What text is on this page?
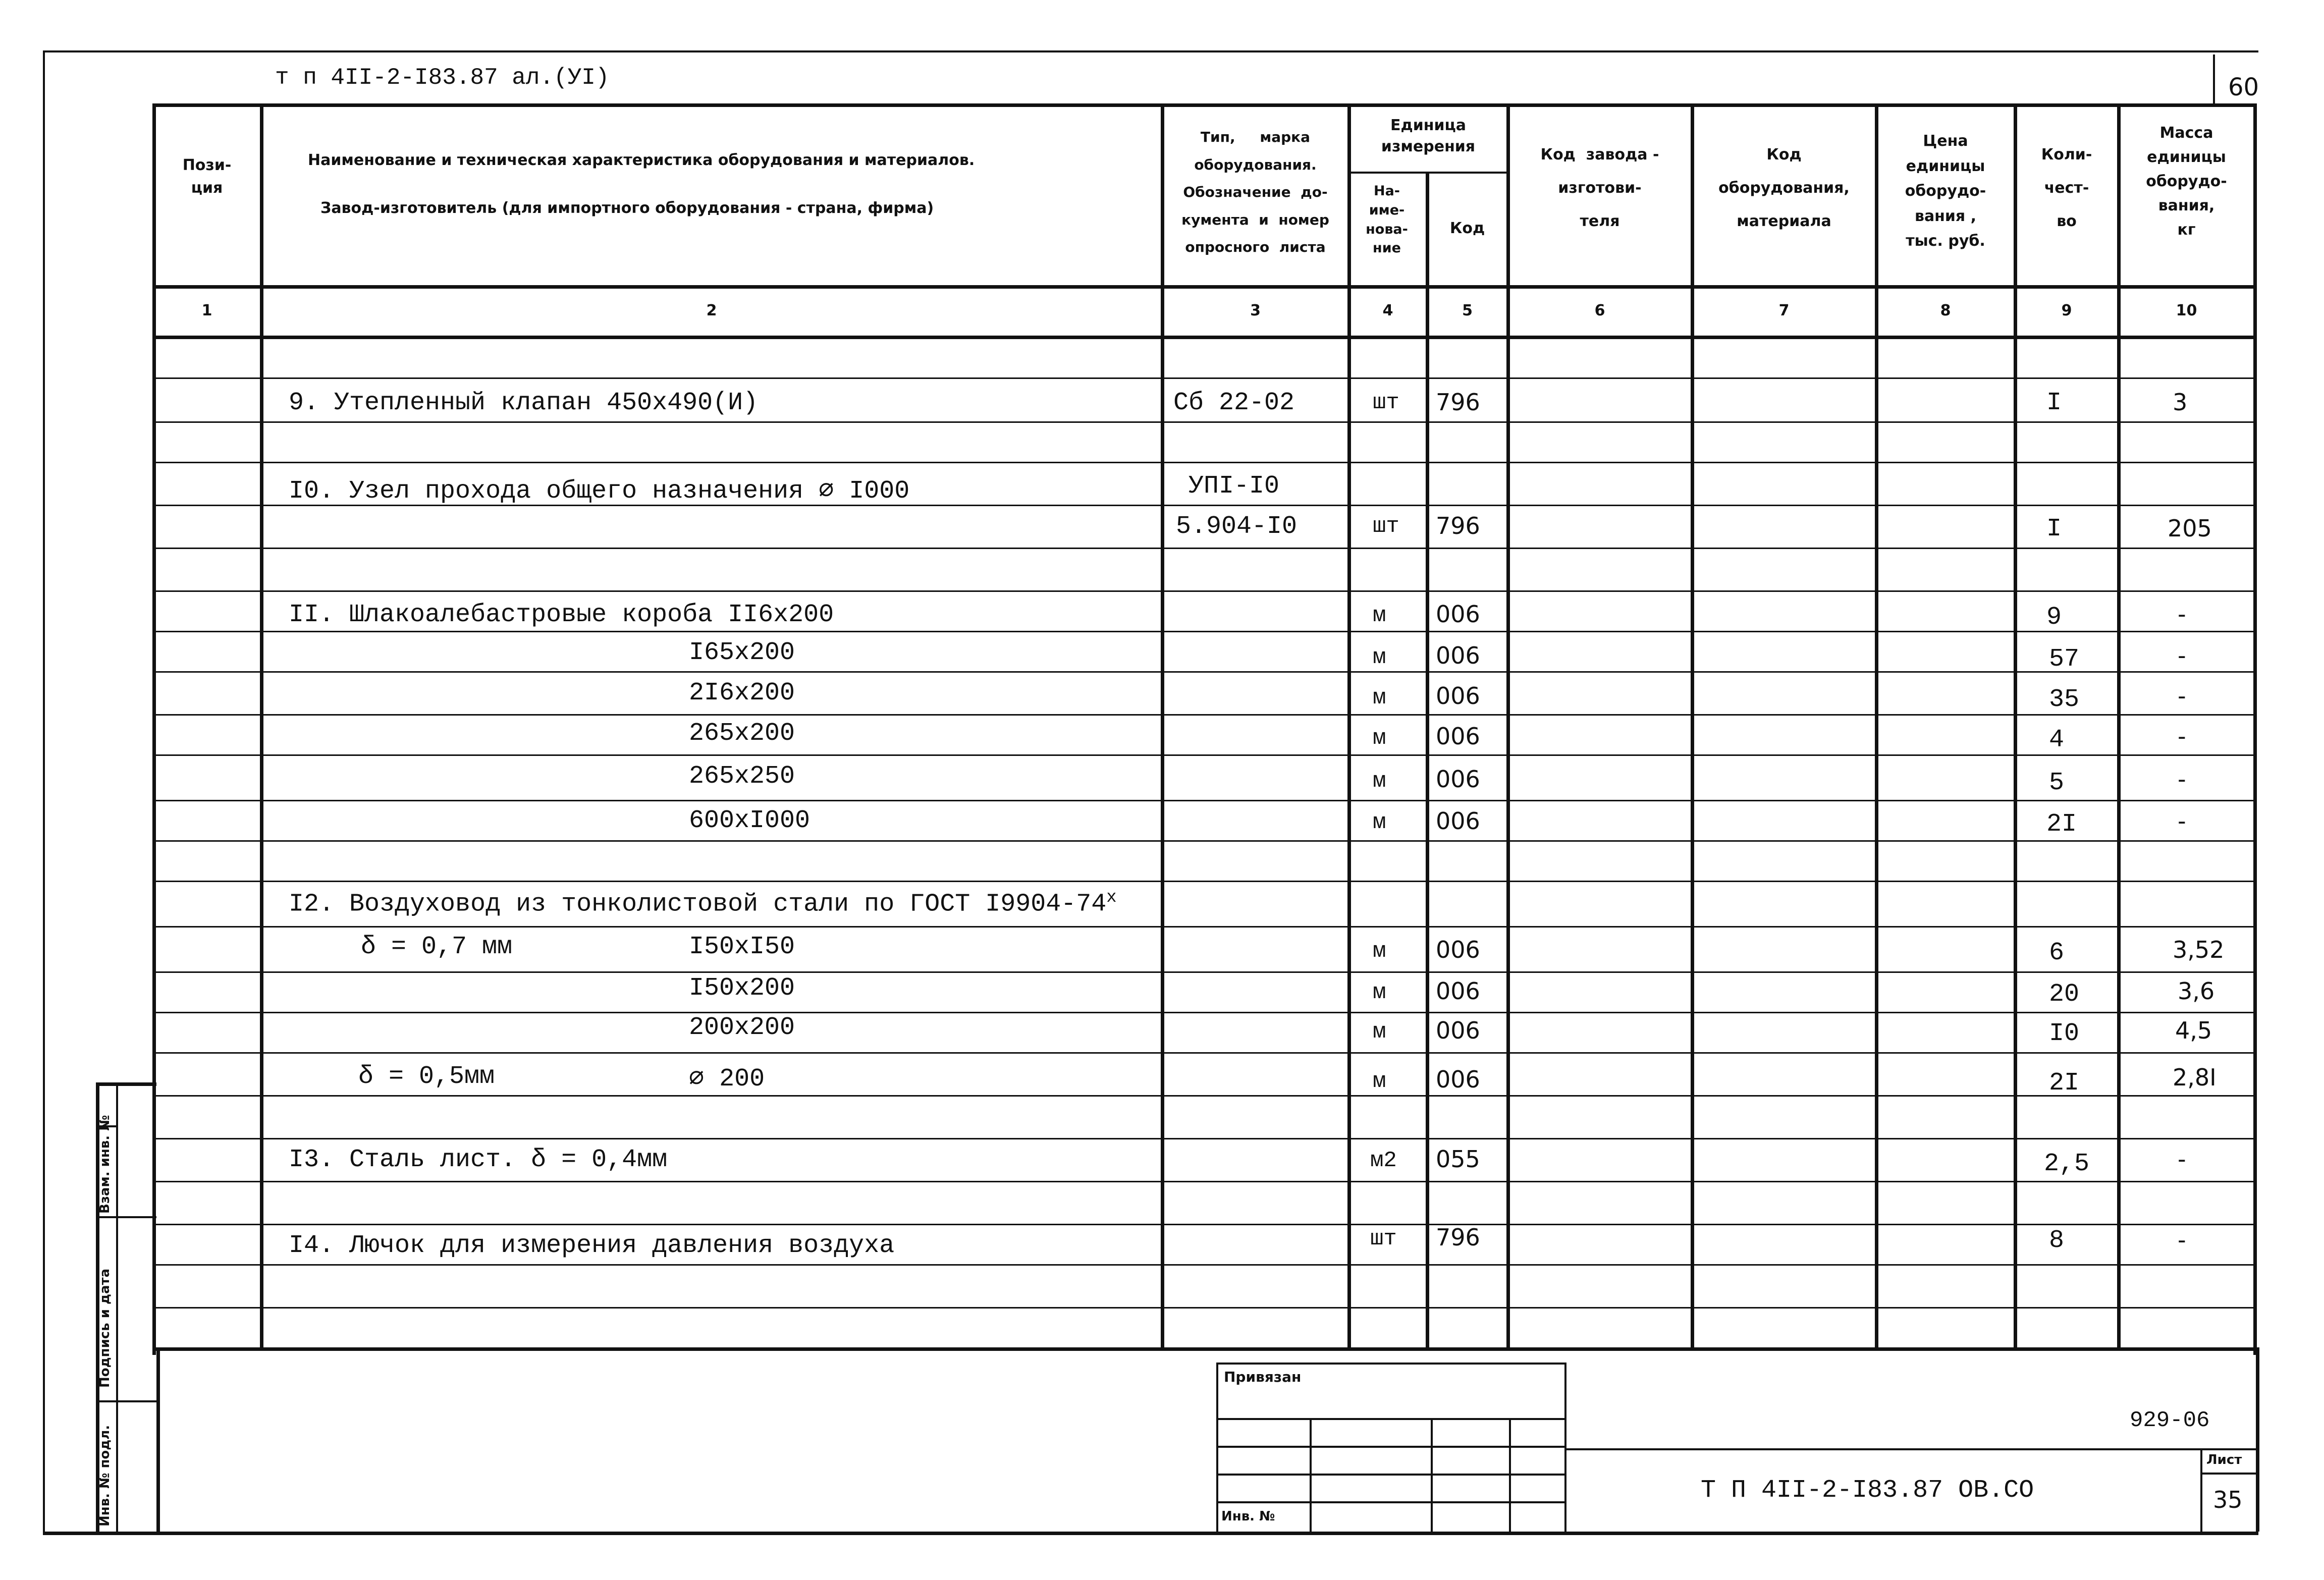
т п 4II-2-I83.87 ал.(УI)	60
Пози-
ция
Наименование и техническая характеристика оборудования и материалов.
Завод-изготовитель (для импортного оборудования - страна, фирма)
Тип,     марка
оборудования.
Обозначение  до-
кумента  и  номер
опросного  листа
Единица
измерения
На-
име-
нова-
ние
Код
Код  завода -

изготови-

теля
Код

оборудования,

материала
Цена
единицы
оборудо-
вания ,
тыс. руб.
Коли-

чест-

во
Масса
единицы
оборудо-
вания,
кг
1	2	3	4	5	6	7	8	9	10
9. Утепленный клапан 450x490(И)	Сб 22-02	шт 796	I	3
I0. Узел прохода общего назначения ⌀ I000	УПI-I0
5.904-I0	шт 796	I	205
II. Шлакоалебастровые короба II6x200	м 006	9	-
I65x200	м 006	57	-
2I6x200	м 006	35	-
265x200	м 006	4	-
265x250	м 006	5	-
600xI000	м 006	2I	-
I2. Воздуховод из тонколистовой стали по ГОСТ I9904-74$^x$
δ = 0,7 мм	I50xI50	м 006	6	3,52
I50x200	м 006	20	3,6
200x200	м 006	I0	4,5
δ = 0,5мм	⌀ 200	м 006	2I	2,8I
I3. Сталь лист. δ = 0,4мм	м2 055	2,5	-
I4. Лючок для измерения давления воздуха	шт 796	8	-
Привязан
Инв. №
929-06
Т П 4II-2-I83.87 ОВ.СО
Лист
35
Взам. инв. №
Подпись и дата
Инв. № подл.
